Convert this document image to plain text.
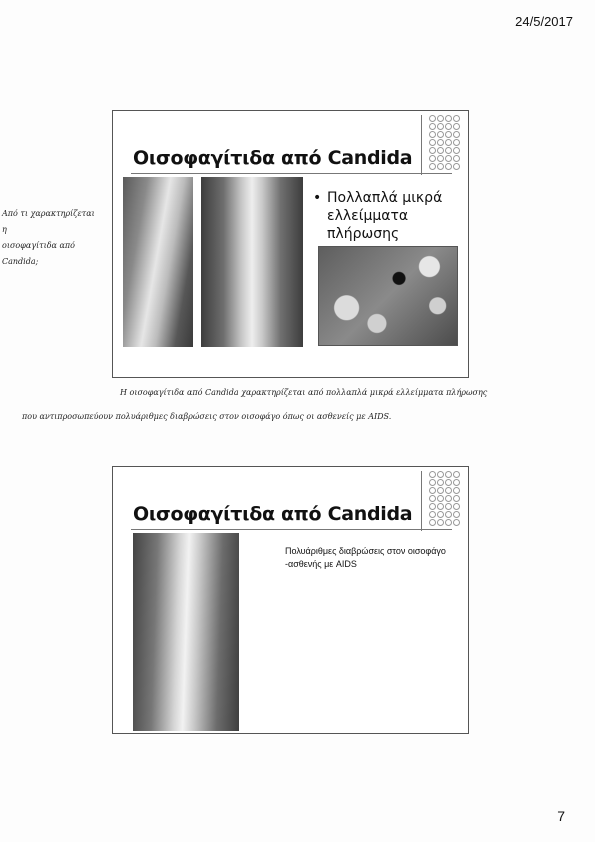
24/5/2017
Από τι χαρακτηρίζεται
η
οισοφαγίτιδα από
Candida;
Οισοφαγίτιδα από Candida
• Πολλαπλά μικρά ελλείμματα πλήρωσης
Η οισοφαγίτιδα από Candida χαρακτηρίζεται από πολλαπλά μικρά ελλείμματα πλήρωσης
που αντιπροσωπεύουν πολυάριθμες διαβρώσεις στον οισοφάγο όπως οι ασθενείς με AIDS.
Οισοφαγίτιδα από Candida
Πολυάριθμες διαβρώσεις στον οισοφάγο -ασθενής με AIDS
7
